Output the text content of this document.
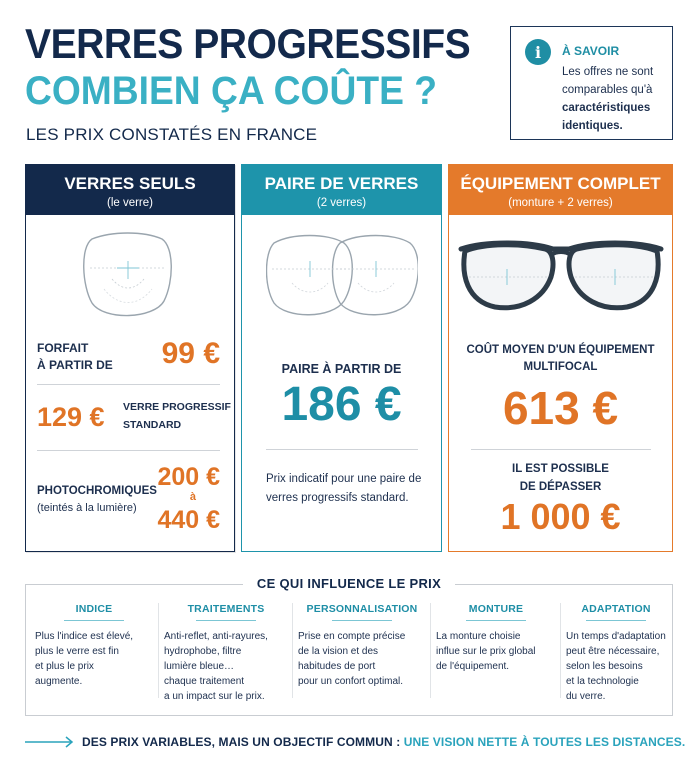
VERRES PROGRESSIFS
COMBIEN ÇA COÛTE ?
LES PRIX CONSTATÉS EN FRANCE
i	À SAVOIR
Les offres ne sont comparables qu'à caractéristiques identiques.
VERRES SEULS
(le verre)
FORFAIT
À PARTIR DE 99 €
129 € VERRE PROGRESSIF
STANDARD
PHOTOCHROMIQUES
(teintés à la lumière)
200 €
à
440 €
PAIRE DE VERRES
(2 verres)
PAIRE À PARTIR DE
186 €
Prix indicatif pour une paire de verres progressifs standard.
ÉQUIPEMENT COMPLET
(monture + 2 verres)
COÛT MOYEN D'UN ÉQUIPEMENT
MULTIFOCAL
613 €
IL EST POSSIBLE
DE DÉPASSER
1 000 €
CE QUI INFLUENCE LE PRIX
INDICE
Plus l'indice est élevé,
plus le verre est fin
et plus le prix
augmente.
TRAITEMENTS
Anti-reflet, anti-rayures,
hydrophobe, filtre
lumière bleue…
chaque traitement
a un impact sur le prix.
PERSONNALISATION
Prise en compte précise
de la vision et des
habitudes de port
pour un confort optimal.
MONTURE
La monture choisie
influe sur le prix global
de l'équipement.
ADAPTATION
Un temps d'adaptation
peut être nécessaire,
selon les besoins
et la technologie
du verre.
DES PRIX VARIABLES, MAIS UN OBJECTIF COMMUN : UNE VISION NETTE À TOUTES LES DISTANCES.
